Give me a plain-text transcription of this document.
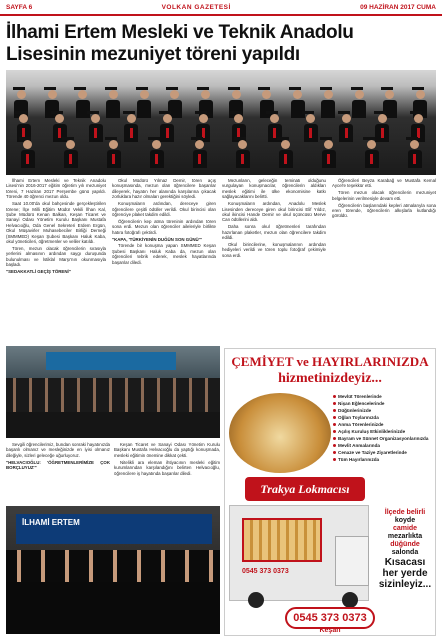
SAYFA 6	VOLKAN GAZETESİ	09 HAZİRAN 2017 CUMA
İlhami Ertem Mesleki ve Teknik Anadolu Lisesinin mezuniyet töreni yapıldı

İlhami Ertem Mesleki ve Teknik Anadolu Lisesi'nin 2016-2017 eğitim öğretim yılı mezuniyet töreni, 7 Haziran 2017 Perşembe günü yapıldı. Törende 40 öğrenci mezun oldu.

Saat 10.00'da okul bahçesinde gerçekleştirilen törene; İlçe Milli Eğitim Müdür Vekili İlhan Kal, Şube Müdürü Kenan Balkan, Keşan Ticaret ve Sanayi Odası Yönetim Kurulu Başkanı Mustafa Helvacıoğlu, Oda Genel Sekreteri Erdem Ergün, Okul Müşavirler Muhasebeciler Birliği Derneği (SMMMED) Keşan Şubesi Başkanı Haluk Kaba, okul yöneticileri, öğretmenler ve veliler katıldı.

Tören, mezun olacak öğrencilerin sırasıyla yerlerini almasının ardından saygı duruşunda bulunulması ve İstiklal Marşı'nın okunmasıyla başladı.

"SEDAKKATLİ GEÇİŞ TÖRENİ"

Okul Müdürü Yılmaz Demir, tören açış konuşmasında, mezun olan öğrencilere başarılar dileyerek, hayatın her alanında karşılarına çıkacak zorluklara hazır olmaları gerektiğini söyledi.

Konuşmaların ardından, dereceye giren öğrencilere çeşitli ödüller verildi. Okul birincisi olan öğrenciye plaket takdim edildi.

Öğrencilerin kep atma töreninin ardından tören sona erdi. Mezun olan öğrenciler aileleriyle birlikte hatıra fotoğrafı çektirdi.

"KAPA, 'TÜRKİYENİN DUĞÜN SON GÜNÜ'"

Törende bir konuşma yapan SMMMED Keşan Şubesi Başkanı Haluk Kaba da, mezun olan öğrencileri tebrik ederek, meslek hayatlarında başarılar diledi.

Mezunların, geleceğin teminatı olduğunu vurgulayan konuşmacılar, öğrencilerin aldıkları meslek eğitimi ile ülke ekonomisine katkı sağlayacaklarını belirtti.

Konuşmaların ardından, Anadolu Meslek Lisesinden dereceye giren okul birincisi Elif Yıldız, okul ikincisi Hande Demir ve okul üçüncüsü Merve Can ödüllerini aldı.

Daha sonra okul öğretmenleri tarafından hazırlanan plaketler, mezun olan öğrencilere takdim edildi.

Okul birincilerine, konuşmalarının ardından hediyeleri verildi ve tören toplu fotoğraf çekimiyle sona erdi.

Öğrencileri Beyza Karabağ ve Mustafa Kemal Aycel'e teşekkür etti.

Tören mezun olacak öğrencilerin mezuniyet belgelerinin verilmesiyle devam etti.

Öğrencilerin başlarındaki kepleri atmalarıyla sona eren törende, öğrencilerin alkışlarla kutlandığı görüldü.

Sevgili öğrencilerimiz, bundan sonraki hayatınızda başarılı olmanız ve mesleğinizde en iyisi olmanız dileğiyle, sizleri geleceğe uğurluyoruz.

"HELVACIOĞLU: 'ÖĞRETMENLERİMİZE ÇOK BORÇLUYUZ'"

Keşan Ticaret ve Sanayi Odası Yönetim Kurulu Başkanı Mustafa Helvacıoğlu da yaptığı konuşmada, mesleki eğitimin önemine dikkat çekti.

Nitelikli ara eleman ihtiyacının mesleki eğitim kurumlarından karşılandığını belirten Helvacıoğlu, öğrencilere iş hayatında başarılar diledi.

İLHAMİ ERTEM
ÇEMİYET ve HAYIRLARINIZDA
hizmetinizdeyiz...
Mevlüt Törenlerinde
Nişan Eğlencelerinde
Düğünlerinizde
Oğlan Toylarınızda
Anma Törenlerinizde
Açılış Kuruluş Etkinliklerinizde
Bayram ve Sünnet Organizasyonlarınızda
Mevlit Anmalarında
Cenaze ve Taziye Ziyaretlerinde
Tüm Hayırlarınızda
Trakya Lokmacısı
0545 373 0373
İlçede belirli
koyde
camide
mezarlıkta
düğünde
salonda
Kısacası
her yerde
sizinleyiz...
0545 373 0373
Keşan
